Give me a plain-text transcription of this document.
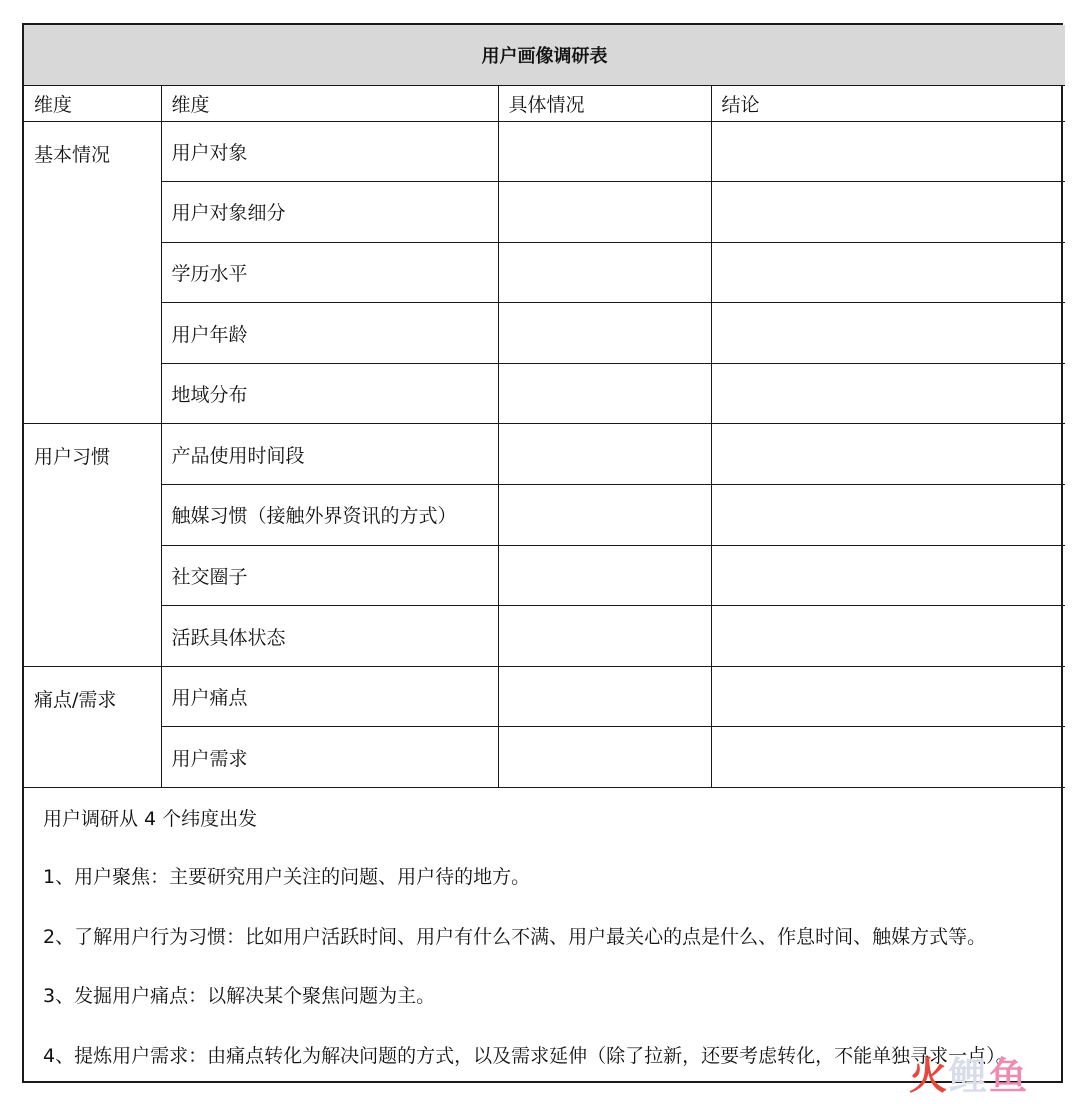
用户画像调研表			
维度	维度	具体情况	结论
基本情况	用户对象		
	用户对象细分		
	学历水平		
	用户年龄		
	地域分布		
用户习惯	产品使用时间段		
	触媒习惯（接触外界资讯的方式）		
	社交圈子		
	活跃具体状态		
痛点/需求	用户痛点		
	用户需求		

用户调研从 4 个纬度出发

1、用户聚焦：主要研究用户关注的问题、用户待的地方。

2、了解用户行为习惯：比如用户活跃时间、用户有什么不满、用户最关心的点是什么、作息时间、触媒方式等。

3、发掘用户痛点：以解决某个聚焦问题为主。

4、提炼用户需求：由痛点转化为解决问题的方式，以及需求延伸（除了拉新，还要考虑转化，不能单独寻求一点）。

火鲤鱼
